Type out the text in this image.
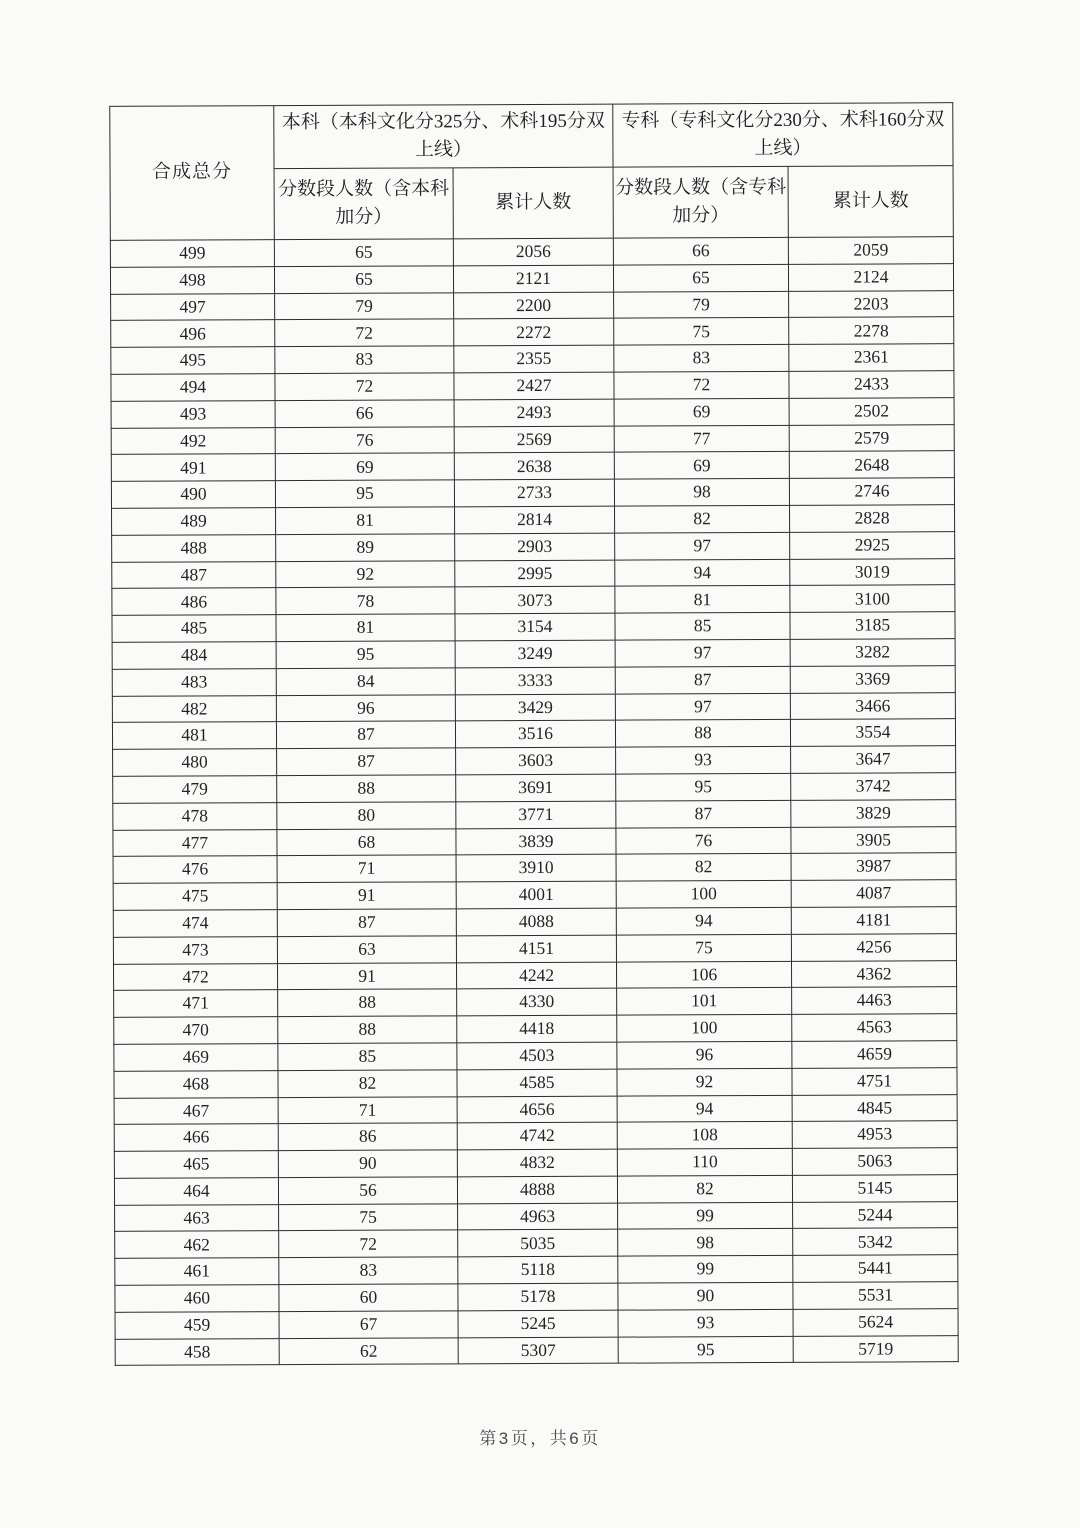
合成总分	本科（本科文化分325分、术科195分双上线）		专科（专科文化分230分、术科160分双上线）	
	分数段人数（含本科加分）	累计人数	分数段人数（含专科加分）	累计人数
499	65	2056	66	2059
498	65	2121	65	2124
497	79	2200	79	2203
496	72	2272	75	2278
495	83	2355	83	2361
494	72	2427	72	2433
493	66	2493	69	2502
492	76	2569	77	2579
491	69	2638	69	2648
490	95	2733	98	2746
489	81	2814	82	2828
488	89	2903	97	2925
487	92	2995	94	3019
486	78	3073	81	3100
485	81	3154	85	3185
484	95	3249	97	3282
483	84	3333	87	3369
482	96	3429	97	3466
481	87	3516	88	3554
480	87	3603	93	3647
479	88	3691	95	3742
478	80	3771	87	3829
477	68	3839	76	3905
476	71	3910	82	3987
475	91	4001	100	4087
474	87	4088	94	4181
473	63	4151	75	4256
472	91	4242	106	4362
471	88	4330	101	4463
470	88	4418	100	4563
469	85	4503	96	4659
468	82	4585	92	4751
467	71	4656	94	4845
466	86	4742	108	4953
465	90	4832	110	5063
464	56	4888	82	5145
463	75	4963	99	5244
462	72	5035	98	5342
461	83	5118	99	5441
460	60	5178	90	5531
459	67	5245	93	5624
458	62	5307	95	5719
第3页，共6页
